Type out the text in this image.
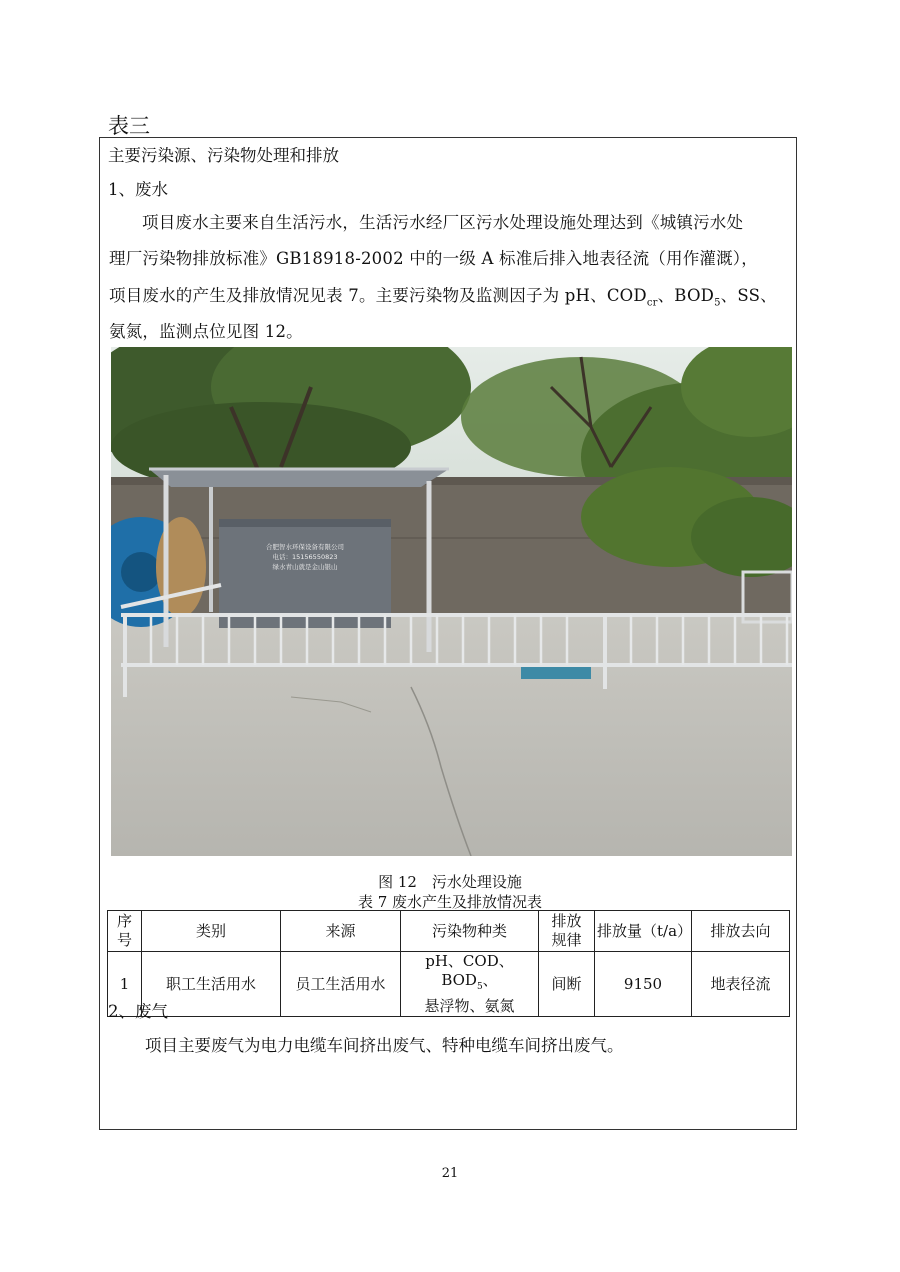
表三
主要污染源、污染物处理和排放
1、废水
项目废水主要来自生活污水，生活污水经厂区污水处理设施处理达到《城镇污水处
理厂污染物排放标准》GB18918-2002 中的一级 A 标准后排入地表径流（用作灌溉），
项目废水的产生及排放情况见表 7。主要污染物及监测因子为 pH、$COD_{cr}$、$BOD_5$、SS、
氨氮，监测点位见图 12。
合肥智水环保设备有限公司
电话：15156550823
绿水青山就是金山银山
图 12　污水处理设施
表 7 废水产生及排放情况表
序号	类别	来源	污染物种类	排放规律	排放量（t/a）	排放去向
1	职工生活用水	员工生活用水	pH、COD、$BOD_5$、
悬浮物、氨氮	间断	9150	地表径流
2、废气
项目主要废气为电力电缆车间挤出废气、特种电缆车间挤出废气。
21
